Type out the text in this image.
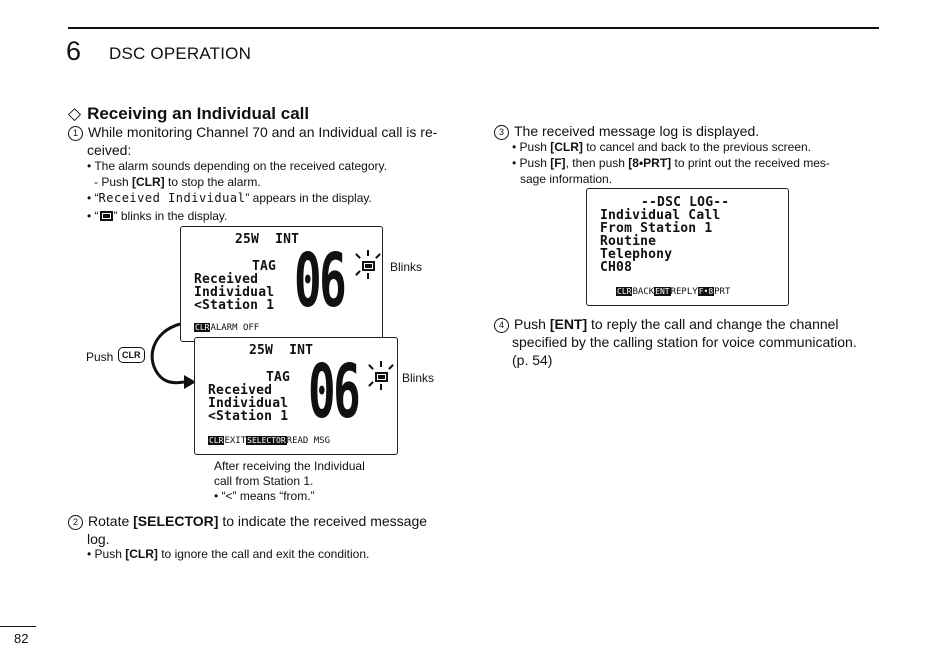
6 DSC OPERATION
◇ Receiving an Individual call
1 While monitoring Channel 70 and an Individual call is re-
ceived:
• The alarm sounds depending on the received category.
- Push [CLR] to stop the alarm.
• “Received Individual” appears in the display.
• “ ” blinks in the display.
25W  INT
TAG
Received
Individual
<Station 1 06
CLRALARM OFF
Blinks
Push CLR	25W  INT
TAG
Received
Individual
<Station 1 06
CLREXITSELECTORREAD MSG
Blinks
After receiving the Individual
call from Station 1.
• “<” means “from.”
2 Rotate [SELECTOR] to indicate the received message
log.
• Push [CLR] to ignore the call and exit the condition.
3 The received message log is displayed.
• Push [CLR] to cancel and back to the previous screen.
• Push [F], then push [8•PRT] to print out the received mes-
sage information.
--DSC LOG--
Individual Call
From Station 1
Routine
Telephony
CH08
CLRBACKENTREPLYF•8PRT
4 Push [ENT] to reply the call and change the channel
specified by the calling station for voice communication.
(p. 54)
82
